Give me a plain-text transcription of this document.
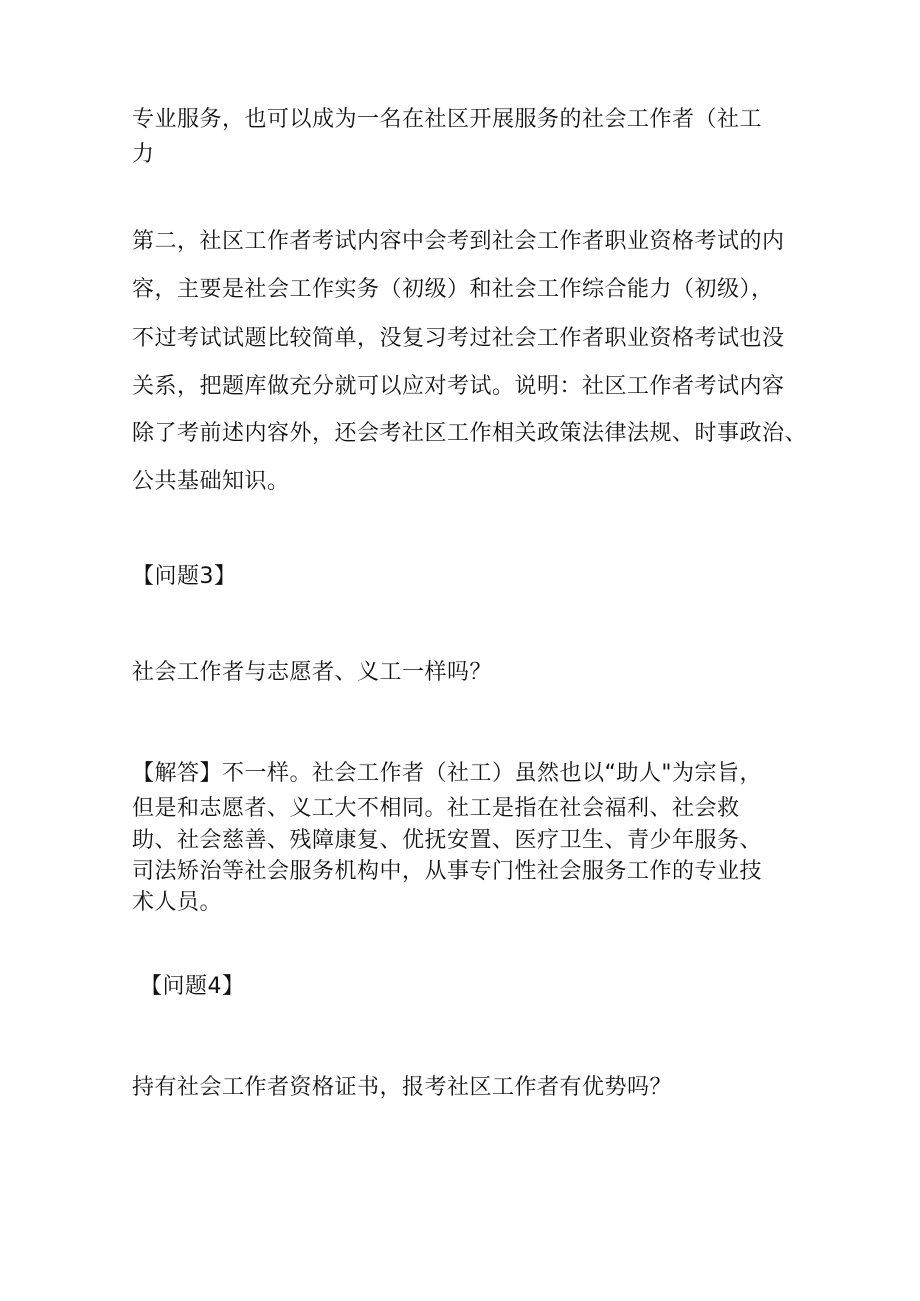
专业服务，也可以成为一名在社区开展服务的社会工作者（社工

力

第二，社区工作者考试内容中会考到社会工作者职业资格考试的内

容，主要是社会工作实务（初级）和社会工作综合能力（初级），

不过考试试题比较简单，没复习考过社会工作者职业资格考试也没

关系，把题库做充分就可以应对考试。说明：社区工作者考试内容

除了考前述内容外，还会考社区工作相关政策法律法规、时事政治、

公共基础知识。

【问题3】

社会工作者与志愿者、义工一样吗？

【解答】不一样。社会工作者（社工）虽然也以“助人"为宗旨，

但是和志愿者、义工大不相同。社工是指在社会福利、社会救

助、社会慈善、残障康复、优抚安置、医疗卫生、青少年服务、

司法矫治等社会服务机构中，从事专门性社会服务工作的专业技

术人员。

【问题4】

持有社会工作者资格证书，报考社区工作者有优势吗？
